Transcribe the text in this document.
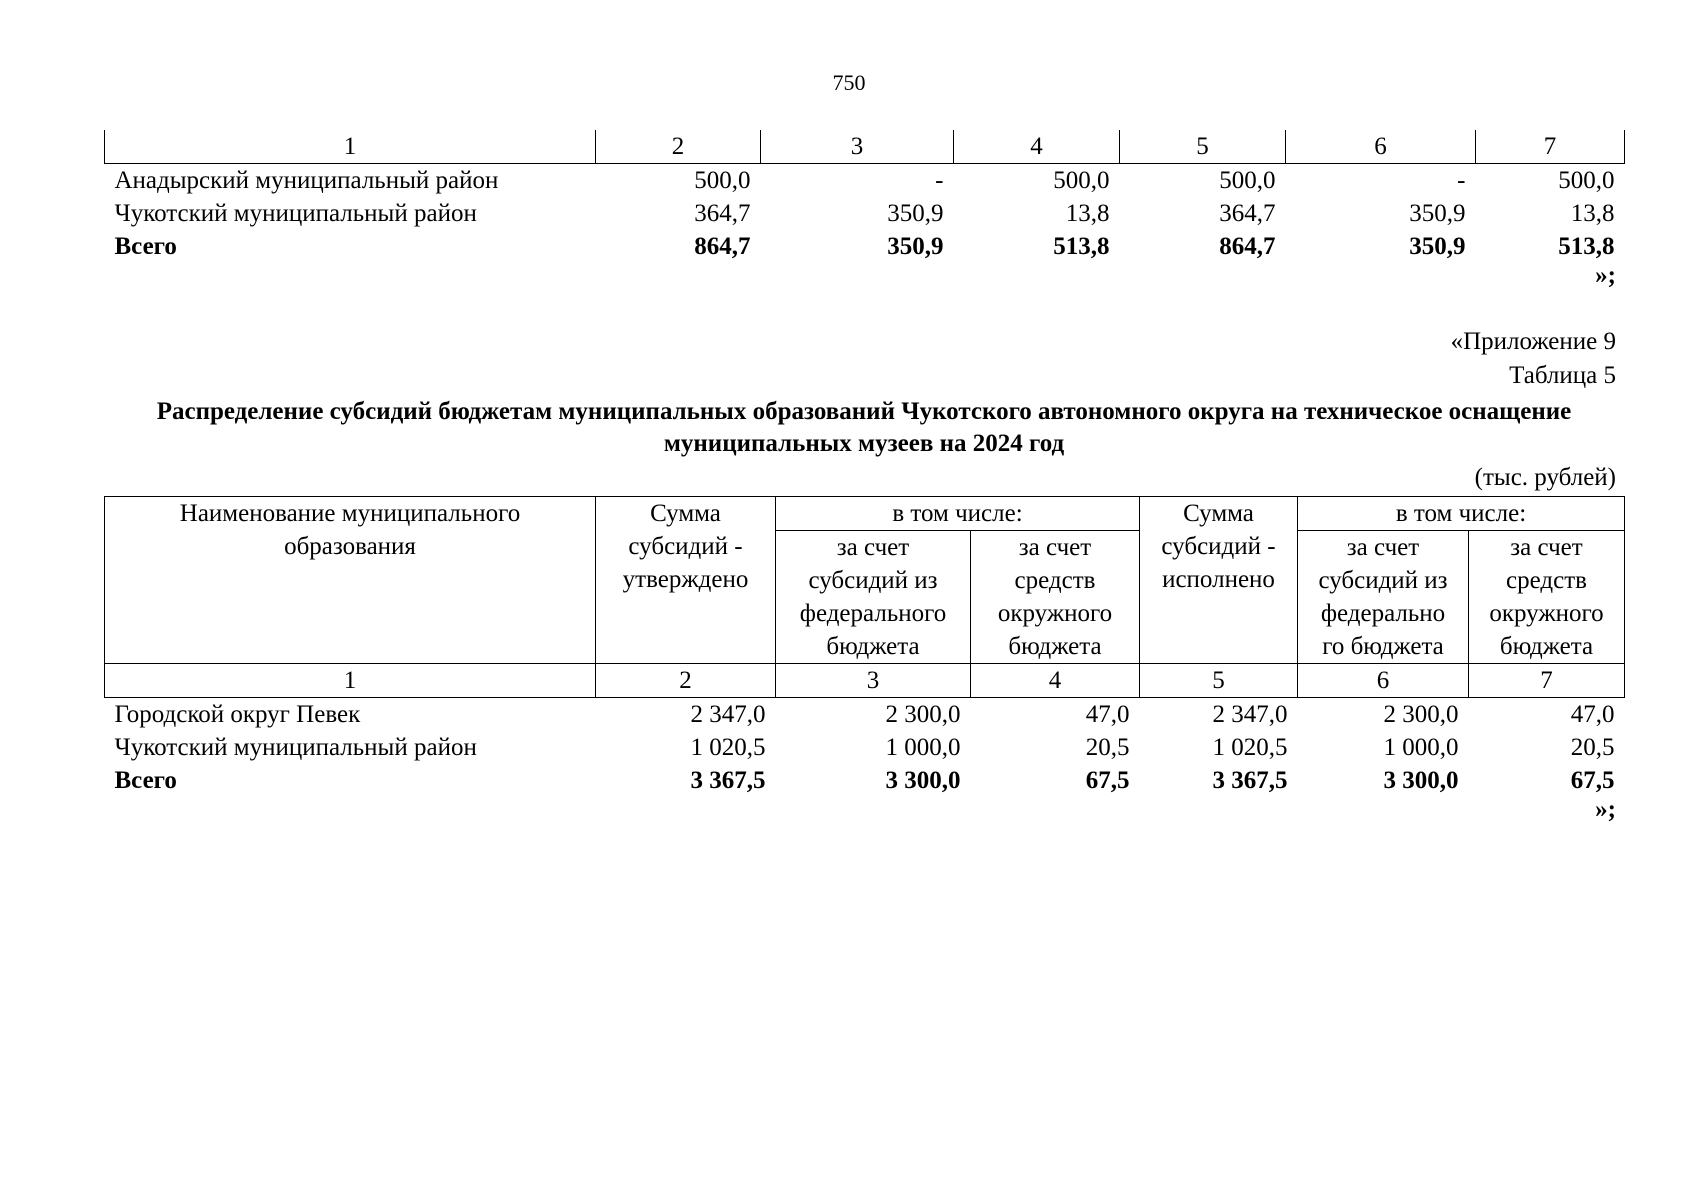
750
1	2	3	4	5	6	7
Анадырский муниципальный район	500,0	-	500,0	500,0	-	500,0
Чукотский муниципальный район	364,7	350,9	13,8	364,7	350,9	13,8
Всего	864,7	350,9	513,8	864,7	350,9	513,8
»;
«Приложение 9
Таблица 5
Распределение субсидий бюджетам муниципальных образований Чукотского автономного округа на техническое оснащение муниципальных музеев на 2024 год
(тыс. рублей)
Наименование муниципального образования	Сумма субсидий - утверждено	в том числе:		Сумма субсидий - исполнено	в том числе:	
		за счет субсидий из федерального бюджета	за счет средств окружного бюджета		за счет субсидий из федерально го бюджета	за счет средств окружного бюджета
1	2	3	4	5	6	7
Городской округ Певек	2 347,0	2 300,0	47,0	2 347,0	2 300,0	47,0
Чукотский муниципальный район	1 020,5	1 000,0	20,5	1 020,5	1 000,0	20,5
Всего	3 367,5	3 300,0	67,5	3 367,5	3 300,0	67,5
»;
